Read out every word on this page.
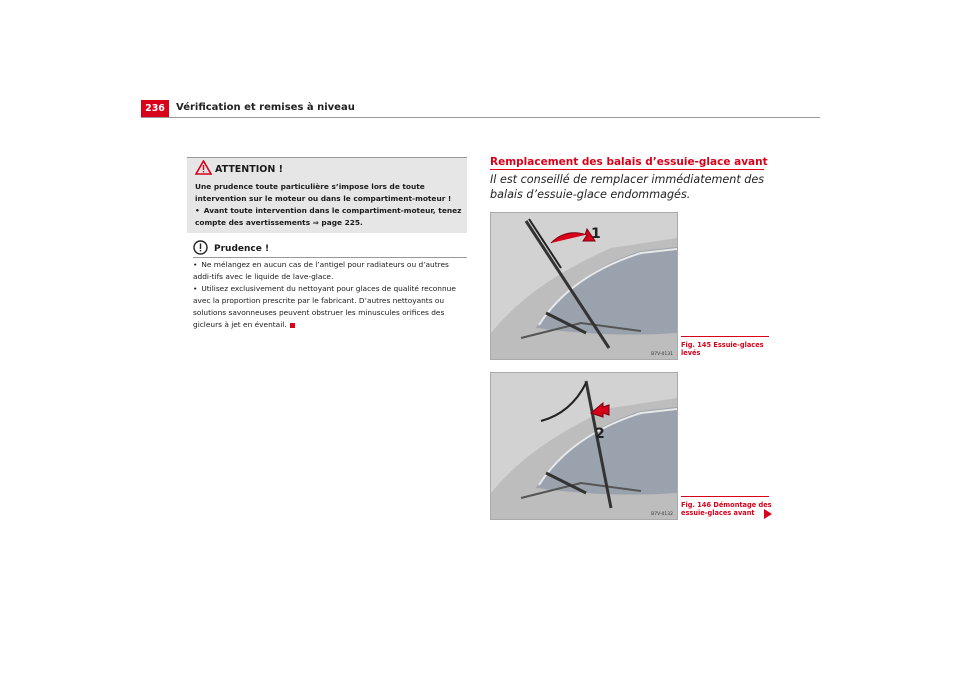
236	Vérification et remises à niveau
ATTENTION !

Une prudence toute particulière s’impose lors de toute intervention sur le moteur ou dans le compartiment-moteur !

• Avant toute intervention dans le compartiment-moteur, tenez compte des avertissements ⇒ page 225.

Prudence !

• Ne mélangez en aucun cas de l’antigel pour radiateurs ou d’autres addi-tifs avec le liquide de lave-glace.

• Utilisez exclusivement du nettoyant pour glaces de qualité reconnue avec la proportion prescrite par le fabricant. D’autres nettoyants ou solutions savonneuses peuvent obstruer les minuscules orifices des gicleurs à jet en éventail.

Remplacement des balais d’essuie-glace avant
Il est conseillé de remplacer immédiatement des balais d’essuie-glace endommagés.
1
B7V-0131
Fig. 145 Essuie-glaces levés
2
B7V-0132
Fig. 146 Démontage des essuie-glaces avant
